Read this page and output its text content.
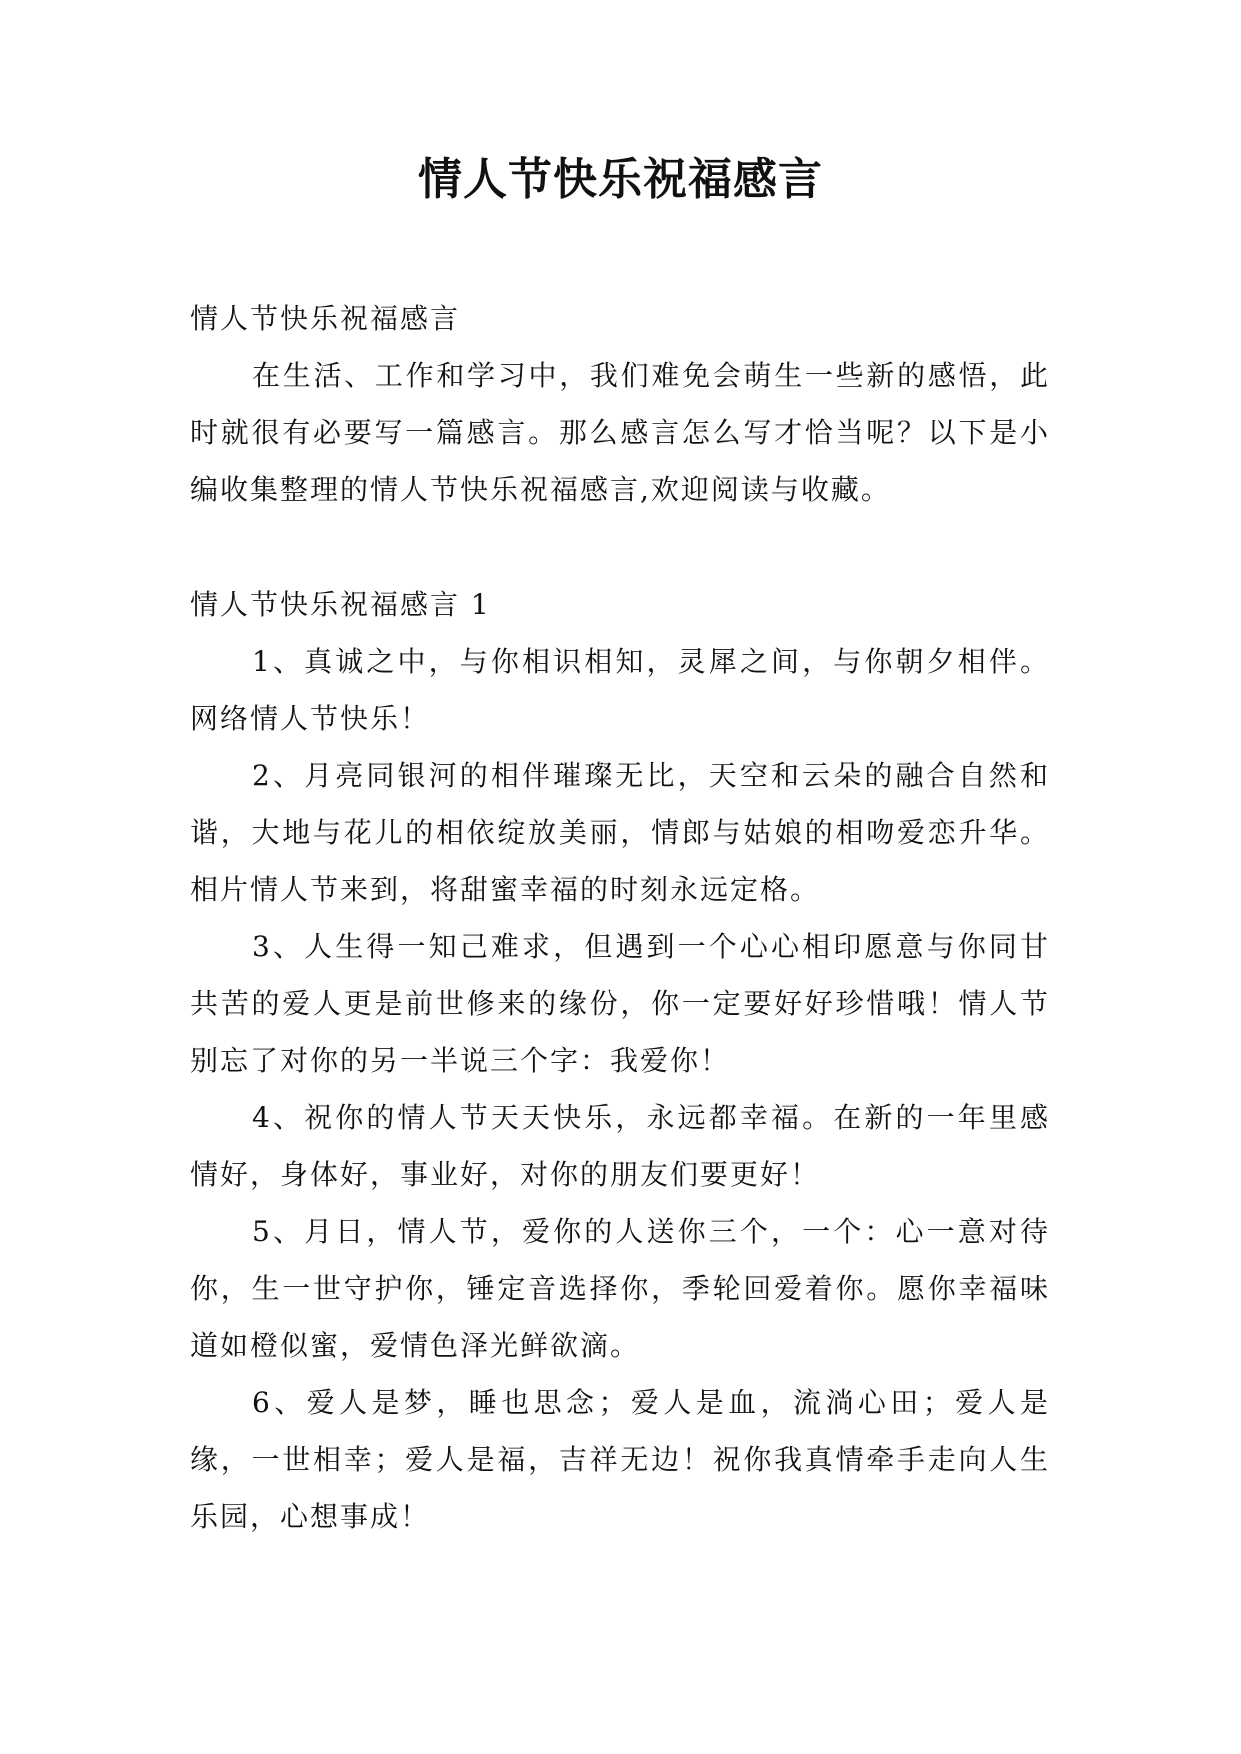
情人节快乐祝福感言

情人节快乐祝福感言

在生活、工作和学习中，我们难免会萌生一些新的感悟，此时就很有必要写一篇感言。那么感言怎么写才恰当呢？以下是小编收集整理的情人节快乐祝福感言,欢迎阅读与收藏。

情人节快乐祝福感言 1

1、真诚之中，与你相识相知，灵犀之间，与你朝夕相伴。网络情人节快乐！

2、月亮同银河的相伴璀璨无比，天空和云朵的融合自然和谐，大地与花儿的相依绽放美丽，情郎与姑娘的相吻爱恋升华。相片情人节来到，将甜蜜幸福的时刻永远定格。

3、人生得一知己难求，但遇到一个心心相印愿意与你同甘共苦的爱人更是前世修来的缘份，你一定要好好珍惜哦！情人节别忘了对你的另一半说三个字：我爱你！

4、祝你的情人节天天快乐，永远都幸福。在新的一年里感情好，身体好，事业好，对你的朋友们要更好！

5、月日，情人节，爱你的人送你三个，一个：心一意对待你，生一世守护你，锤定音选择你，季轮回爱着你。愿你幸福味道如橙似蜜，爱情色泽光鲜欲滴。

6、爱人是梦，睡也思念；爱人是血，流淌心田；爱人是缘，一世相幸；爱人是福，吉祥无边！祝你我真情牵手走向人生乐园，心想事成！
